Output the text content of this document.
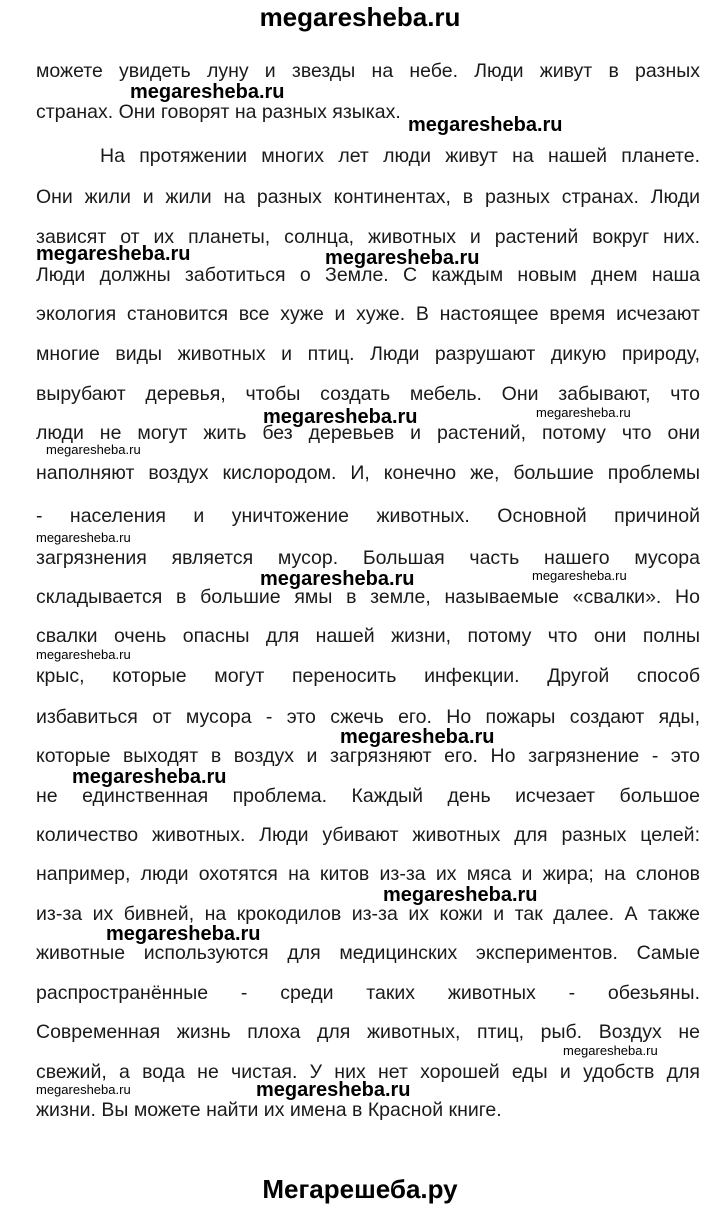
megaresheba.ru
можете увидеть луну и звезды на небе. Люди живут в разных
странах. Они говорят на разных языках.
На протяжении многих лет люди живут на нашей планете.
Они жили и жили на разных континентах, в разных странах. Люди
зависят от их планеты, солнца, животных и растений вокруг них.
Люди должны заботиться о Земле. С каждым новым днем наша
экология становится все хуже и хуже. В настоящее время исчезают
многие виды животных и птиц. Люди разрушают дикую природу,
вырубают деревья, чтобы создать мебель. Они забывают, что
люди не могут жить без деревьев и растений, потому что они
наполняют воздух кислородом. И, конечно же, большие проблемы
- населения и уничтожение животных. Основной причиной
загрязнения является мусор. Большая часть нашего мусора
складывается в большие ямы в земле, называемые «свалки». Но
свалки очень опасны для нашей жизни, потому что они полны
крыс, которые могут переносить инфекции. Другой способ
избавиться от мусора - это сжечь его. Но пожары создают яды,
которые выходят в воздух и загрязняют его. Но загрязнение - это
не единственная проблема. Каждый день исчезает большое
количество животных. Люди убивают животных для разных целей:
например, люди охотятся на китов из-за их мяса и жира; на слонов
из-за их бивней, на крокодилов из-за их кожи и так далее. А также
животные используются для медицинских экспериментов. Самые
распространённые - среди таких животных - обезьяны.
Современная жизнь плоха для животных, птиц, рыб. Воздух не
свежий, а вода не чистая. У них нет хорошей еды и удобств для
жизни. Вы можете найти их имена в Красной книге.
megaresheba.ru
megaresheba.ru
megaresheba.ru	megaresheba.ru
megaresheba.ru	megaresheba.ru
megaresheba.ru
megaresheba.ru
megaresheba.ru	megaresheba.ru
megaresheba.ru
megaresheba.ru
megaresheba.ru
megaresheba.ru
megaresheba.ru
megaresheba.ru
megaresheba.ru	megaresheba.ru
Мегарешеба.ру
